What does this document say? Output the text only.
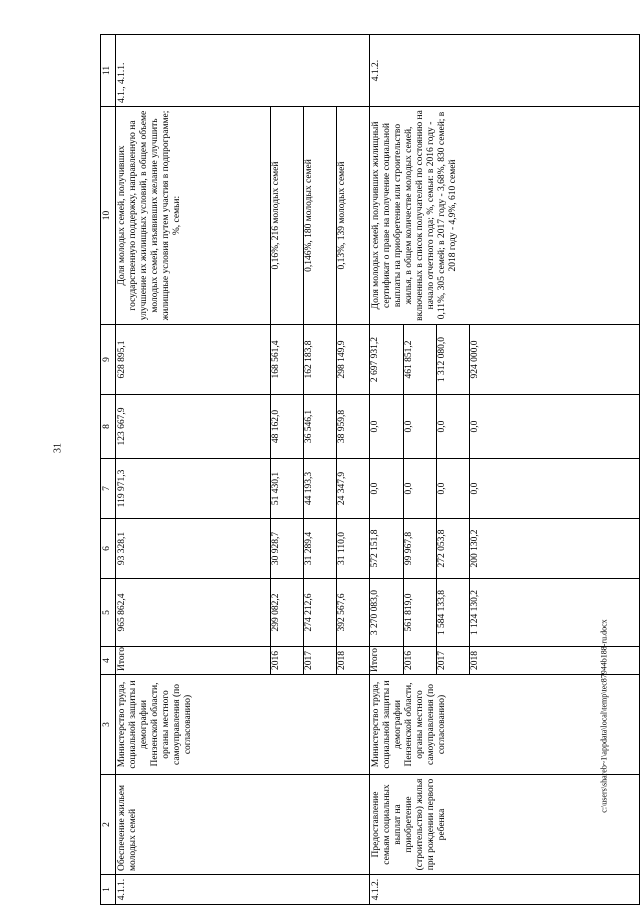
31
c:\users\shareb~1\appdata\local\temp\tec87944b188-ru.docx
1	2	3	4	5	6	7	8	9	10	11
4.1.1.	Обеспечение жильем молодых семей	Министерство труда, социальной защиты и демографии Пензенской области, органы местного самоуправления (по согласованию)	Итого	965 862,4	93 328,1	119 971,3	123 667,9	628 895,1	Доля молодых семей, получивших государственную поддержку, направленную на улучшение их жилищных условий, в общем объеме молодых семей, изъявивших желание улучшить жилищные условия путем участия в подпрограмме; %, семьи:	4.1., 4.1.1.
			2016	299 082,2	30 928,7	51 430,1	48 162,0	168 561,4	0,16%, 216 молодых семей	
			2017	274 212,6	31 289,4	44 193,3	36 546,1	162 183,8	0,146%, 180 молодых семей	
			2018	392 567,6	31 110,0	24 347,9	38 959,8	298 149,9	0,13%, 139 молодых семей	
4.1.2.	Предоставление семьям социальных выплат на приобретение (строительство) жилья при рождении первого ребенка	Министерство труда, социальной защиты и демографии Пензенской области, органы местного самоуправления (по согласованию)	Итого	3 270 083,0	572 151,8	0,0	0,0	2 697 931,2	Доля молодых семей, получивших жилищный сертификат о праве на получение социальной выплаты на приобретение или строительство жилья, в общем количестве молодых семей, включенных в список получателей по состоянию на начало отчетного года; %, семьи: в 2016 году - 0,11%, 305 семей; в 2017 году - 3,68%, 830 семей; в 2018 году - 4,9%, 610 семей	4.1.2.
			2016	561 819,0	99 967,8	0,0	0,0	461 851,2		
			2017	1 584 133,8	272 053,8	0,0	0,0	1 312 080,0		
			2018	1 124 130,2	200 130,2	0,0	0,0	924 000,0		
